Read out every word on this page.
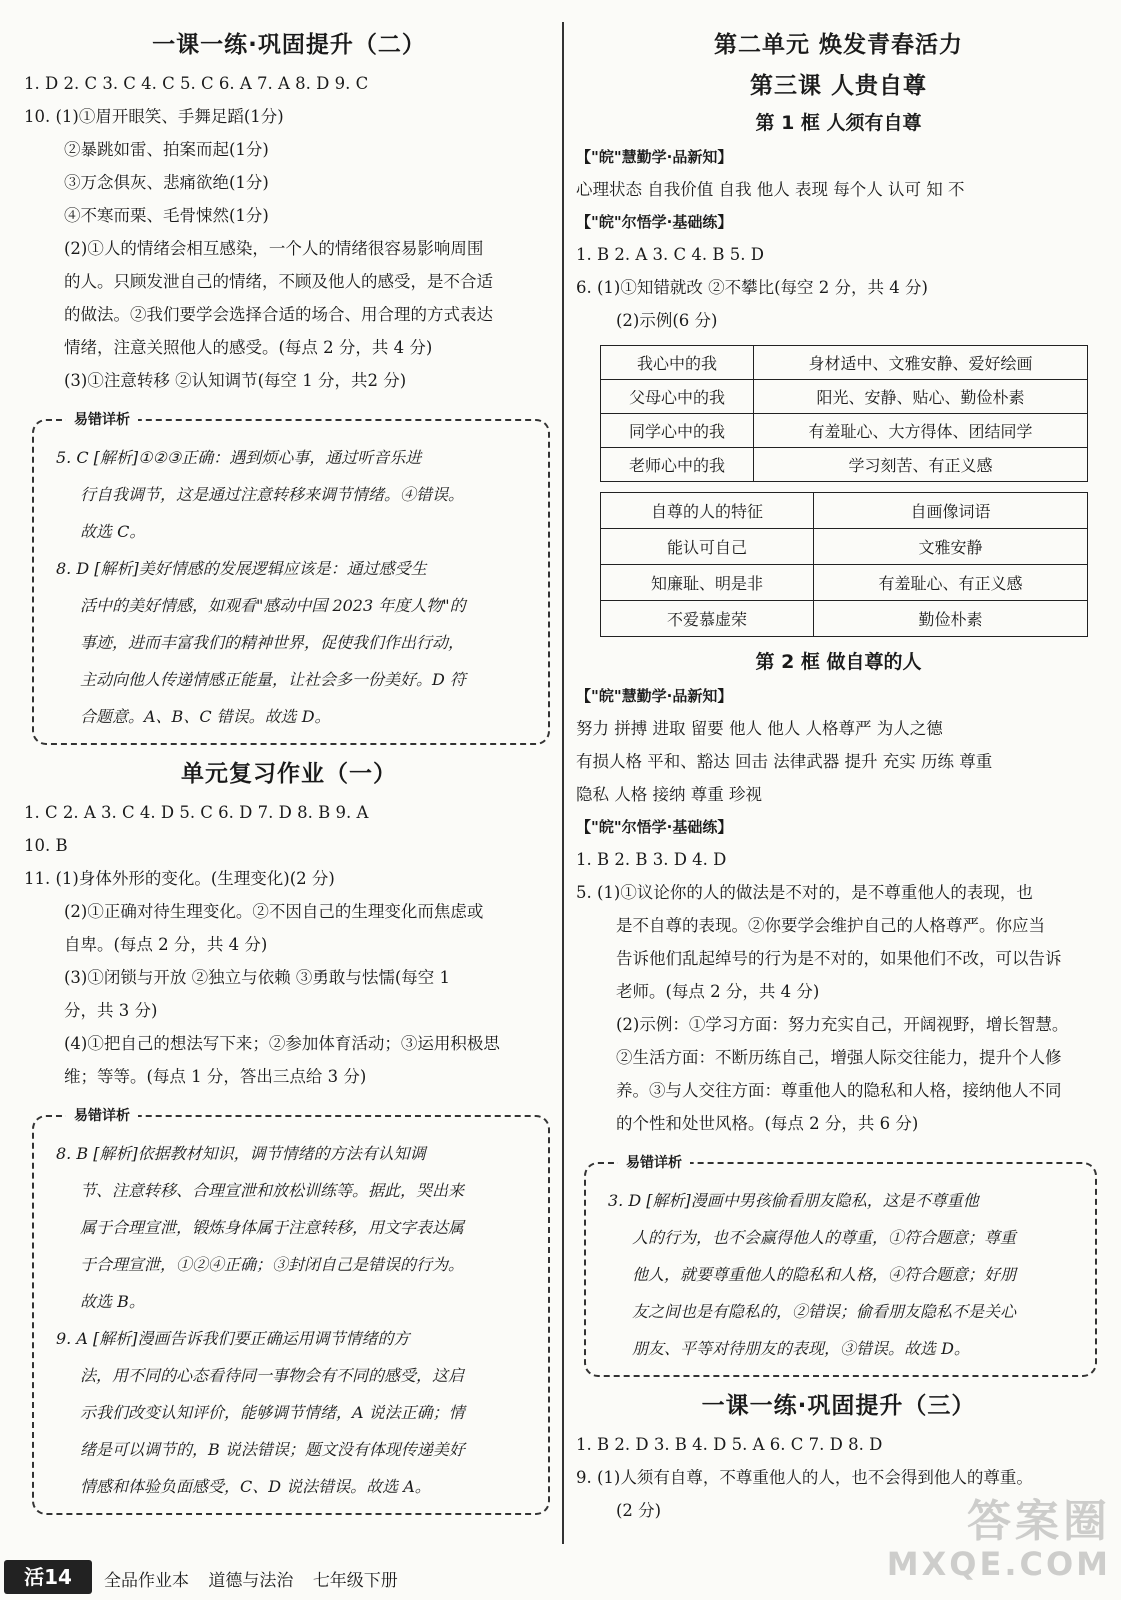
一课一练·巩固提升（二）
1. D 2. C 3. C 4. C 5. C 6. A 7. A 8. D 9. C
10. (1)①眉开眼笑、手舞足蹈(1分)
②暴跳如雷、拍案而起(1分)
③万念俱灰、悲痛欲绝(1分)
④不寒而栗、毛骨悚然(1分)
(2)①人的情绪会相互感染，一个人的情绪很容易影响周围
的人。只顾发泄自己的情绪，不顾及他人的感受，是不合适
的做法。②我们要学会选择合适的场合、用合理的方式表达
情绪，注意关照他人的感受。(每点 2 分，共 4 分)
(3)①注意转移 ②认知调节(每空 1 分，共2 分)
易错详析
5. C [解析]①②③正确：遇到烦心事，通过听音乐进
行自我调节，这是通过注意转移来调节情绪。④错误。
故选 C。
8. D [解析]美好情感的发展逻辑应该是：通过感受生
活中的美好情感，如观看"感动中国 2023 年度人物"的
事迹，进而丰富我们的精神世界，促使我们作出行动，
主动向他人传递情感正能量，让社会多一份美好。D 符
合题意。A、B、C 错误。故选 D。
单元复习作业（一）
1. C 2. A 3. C 4. D 5. C 6. D 7. D 8. B 9. A
10. B
11. (1)身体外形的变化。(生理变化)(2 分)
(2)①正确对待生理变化。②不因自己的生理变化而焦虑或
自卑。(每点 2 分，共 4 分)
(3)①闭锁与开放 ②独立与依赖 ③勇敢与怯懦(每空 1
分，共 3 分)
(4)①把自己的想法写下来；②参加体育活动；③运用积极思
维；等等。(每点 1 分，答出三点给 3 分)
易错详析
8. B [解析]依据教材知识，调节情绪的方法有认知调
节、注意转移、合理宣泄和放松训练等。据此，哭出来
属于合理宣泄，锻炼身体属于注意转移，用文字表达属
于合理宣泄，①②④正确；③封闭自己是错误的行为。
故选 B。
9. A [解析]漫画告诉我们要正确运用调节情绪的方
法，用不同的心态看待同一事物会有不同的感受，这启
示我们改变认知评价，能够调节情绪，A 说法正确；情
绪是可以调节的，B 说法错误；题文没有体现传递美好
情感和体验负面感受，C、D 说法错误。故选 A。
第二单元 焕发青春活力
第三课 人贵自尊
第 1 框 人须有自尊
【"皖"慧勤学·品新知】
心理状态 自我价值 自我 他人 表现 每个人 认可 知 不
【"皖"尔悟学·基础练】
1. B 2. A 3. C 4. B 5. D
6. (1)①知错就改 ②不攀比(每空 2 分，共 4 分)
(2)示例(6 分)
我心中的我	身材适中、文雅安静、爱好绘画
父母心中的我	阳光、安静、贴心、勤俭朴素
同学心中的我	有羞耻心、大方得体、团结同学
老师心中的我	学习刻苦、有正义感
自尊的人的特征	自画像词语
能认可自己	文雅安静
知廉耻、明是非	有羞耻心、有正义感
不爱慕虚荣	勤俭朴素
第 2 框 做自尊的人
【"皖"慧勤学·品新知】
努力 拼搏 进取 留要 他人 他人 人格尊严 为人之德
有损人格 平和、豁达 回击 法律武器 提升 充实 历练 尊重
隐私 人格 接纳 尊重 珍视
【"皖"尔悟学·基础练】
1. B 2. B 3. D 4. D
5. (1)①议论你的人的做法是不对的，是不尊重他人的表现，也
是不自尊的表现。②你要学会维护自己的人格尊严。你应当
告诉他们乱起绰号的行为是不对的，如果他们不改，可以告诉
老师。(每点 2 分，共 4 分)
(2)示例：①学习方面：努力充实自己，开阔视野，增长智慧。
②生活方面：不断历练自己，增强人际交往能力，提升个人修
养。③与人交往方面：尊重他人的隐私和人格，接纳他人不同
的个性和处世风格。(每点 2 分，共 6 分)
易错详析
3. D [解析]漫画中男孩偷看朋友隐私，这是不尊重他
人的行为，也不会赢得他人的尊重，①符合题意；尊重
他人，就要尊重他人的隐私和人格，④符合题意；好朋
友之间也是有隐私的，②错误；偷看朋友隐私不是关心
朋友、平等对待朋友的表现，③错误。故选 D。
一课一练·巩固提升（三）
1. B 2. D 3. B 4. D 5. A 6. C 7. D 8. D
9. (1)人须有自尊，不尊重他人的人，也不会得到他人的尊重。
(2 分)	答案圈
MXQE.COM
活14	全品作业本 道德与法治 七年级下册
